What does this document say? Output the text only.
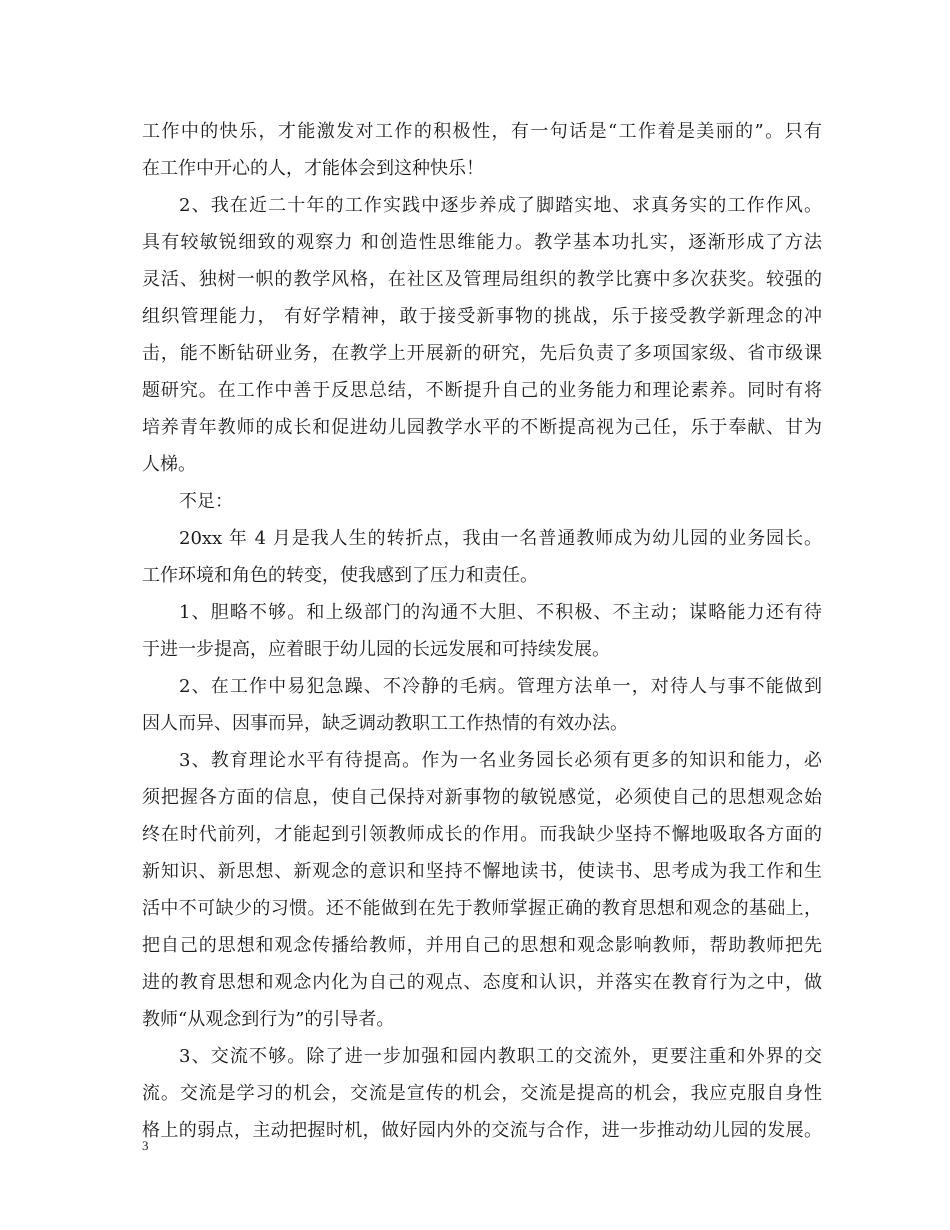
工作中的快乐，才能激发对工作的积极性，有一句话是“工作着是美丽的”。只有
在工作中开心的人，才能体会到这种快乐！
2、我在近二十年的工作实践中逐步养成了脚踏实地、求真务实的工作作风。
具有较敏锐细致的观察力 和创造性思维能力。教学基本功扎实，逐渐形成了方法
灵活、独树一帜的教学风格，在社区及管理局组织的教学比赛中多次获奖。较强的
组织管理能力， 有好学精神，敢于接受新事物的挑战，乐于接受教学新理念的冲
击，能不断钻研业务，在教学上开展新的研究，先后负责了多项国家级、省市级课
题研究。在工作中善于反思总结，不断提升自己的业务能力和理论素养。同时有将
培养青年教师的成长和促进幼儿园教学水平的不断提高视为己任，乐于奉献、甘为
人梯。
不足：
20xx 年 4 月是我人生的转折点，我由一名普通教师成为幼儿园的业务园长。
工作环境和角色的转变，使我感到了压力和责任。
1、胆略不够。和上级部门的沟通不大胆、不积极、不主动；谋略能力还有待
于进一步提高，应着眼于幼儿园的长远发展和可持续发展。
2、在工作中易犯急躁、不冷静的毛病。管理方法单一，对待人与事不能做到
因人而异、因事而异，缺乏调动教职工工作热情的有效办法。
3、教育理论水平有待提高。作为一名业务园长必须有更多的知识和能力，必
须把握各方面的信息，使自己保持对新事物的敏锐感觉，必须使自己的思想观念始
终在时代前列，才能起到引领教师成长的作用。而我缺少坚持不懈地吸取各方面的
新知识、新思想、新观念的意识和坚持不懈地读书，使读书、思考成为我工作和生
活中不可缺少的习惯。还不能做到在先于教师掌握正确的教育思想和观念的基础上，
把自己的思想和观念传播给教师，并用自己的思想和观念影响教师，帮助教师把先
进的教育思想和观念内化为自己的观点、态度和认识，并落实在教育行为之中，做
教师“从观念到行为”的引导者。
3、交流不够。除了进一步加强和园内教职工的交流外，更要注重和外界的交
流。交流是学习的机会，交流是宣传的机会，交流是提高的机会，我应克服自身性
格上的弱点，主动把握时机，做好园内外的交流与合作，进一步推动幼儿园的发展。
3
